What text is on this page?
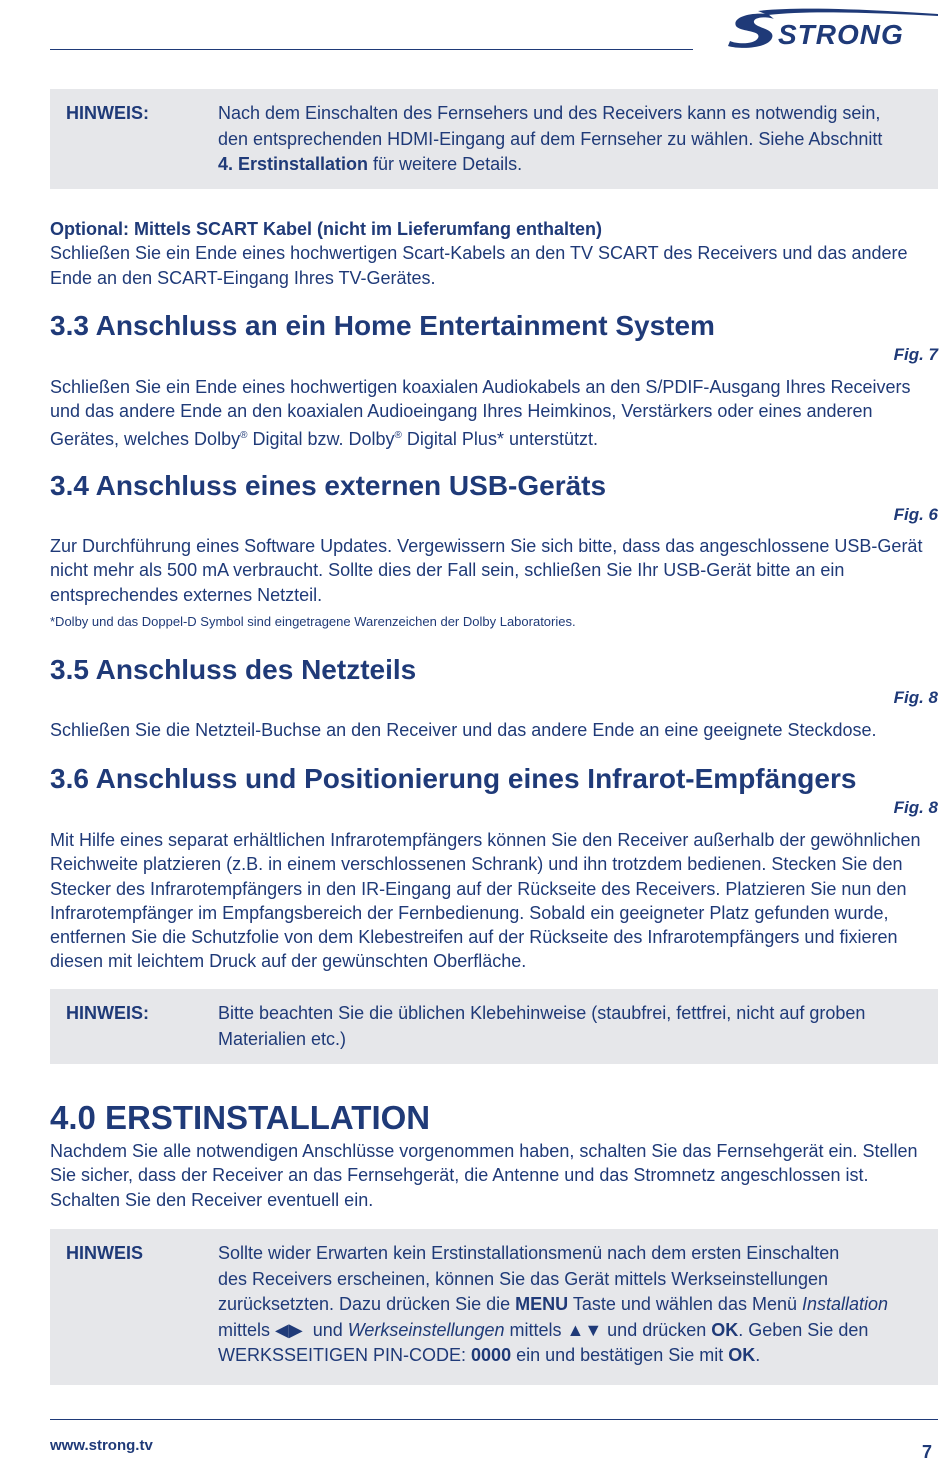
STRONG
HINWEIS:	Nach dem Einschalten des Fernsehers und des Receivers kann es notwendig sein,
den entsprechenden HDMI-Eingang auf dem Fernseher zu wählen. Siehe Abschnitt
4. Erstinstallation für weitere Details.
Optional: Mittels SCART Kabel (nicht im Lieferumfang enthalten)
Schließen Sie ein Ende eines hochwertigen Scart-Kabels an den TV SCART des Receivers und das andere Ende an den SCART-Eingang Ihres TV-Gerätes.
3.3 Anschluss an ein Home Entertainment System
Fig. 7
Schließen Sie ein Ende eines hochwertigen koaxialen Audiokabels an den S/PDIF-Ausgang Ihres Receivers und das andere Ende an den koaxialen Audioeingang Ihres Heimkinos, Verstärkers oder eines anderen Gerätes, welches Dolby® Digital bzw. Dolby® Digital Plus* unterstützt.
3.4 Anschluss eines externen USB-Geräts
Fig. 6
Zur Durchführung eines Software Updates. Vergewissern Sie sich bitte, dass das angeschlossene USB-Gerät nicht mehr als 500 mA verbraucht. Sollte dies der Fall sein, schließen Sie Ihr USB-Gerät bitte an ein entsprechendes externes Netzteil.
*Dolby und das Doppel-D Symbol sind eingetragene Warenzeichen der Dolby Laboratories.
3.5 Anschluss des Netzteils
Fig. 8
Schließen Sie die Netzteil-Buchse an den Receiver und das andere Ende an eine geeignete Steckdose.
3.6 Anschluss und Positionierung eines Infrarot-Empfängers
Fig. 8
Mit Hilfe eines separat erhältlichen Infrarotempfängers können Sie den Receiver außerhalb der gewöhnlichen Reichweite platzieren (z.B. in einem verschlossenen Schrank) und ihn trotzdem bedienen. Stecken Sie den Stecker des Infrarotempfängers in den IR-Eingang auf der Rückseite des Receivers. Platzieren Sie nun den Infrarotempfänger im Empfangsbereich der Fernbedienung. Sobald ein geeigneter Platz gefunden wurde, entfernen Sie die Schutzfolie von dem Klebestreifen auf der Rückseite des Infrarotempfängers und fixieren diesen mit leichtem Druck auf der gewünschten Oberfläche.
HINWEIS:	Bitte beachten Sie die üblichen Klebehinweise (staubfrei, fettfrei, nicht auf groben Materialien etc.)
4.0 ERSTINSTALLATION
Nachdem Sie alle notwendigen Anschlüsse vorgenommen haben, schalten Sie das Fernsehgerät ein. Stellen Sie sicher, dass der Receiver an das Fernsehgerät, die Antenne und das Stromnetz angeschlossen ist. Schalten Sie den Receiver eventuell ein.
HINWEIS	Sollte wider Erwarten kein Erstinstallationsmenü nach dem ersten Einschalten
des Receivers erscheinen, können Sie das Gerät mittels Werkseinstellungen
zurücksetzten. Dazu drücken Sie die MENU Taste und wählen das Menü Installation
mittels ◀▶  und Werkseinstellungen mittels ▲▼ und drücken OK. Geben Sie den
WERKSSEITIGEN PIN-CODE: 0000 ein und bestätigen Sie mit OK.
www.strong.tv	7
